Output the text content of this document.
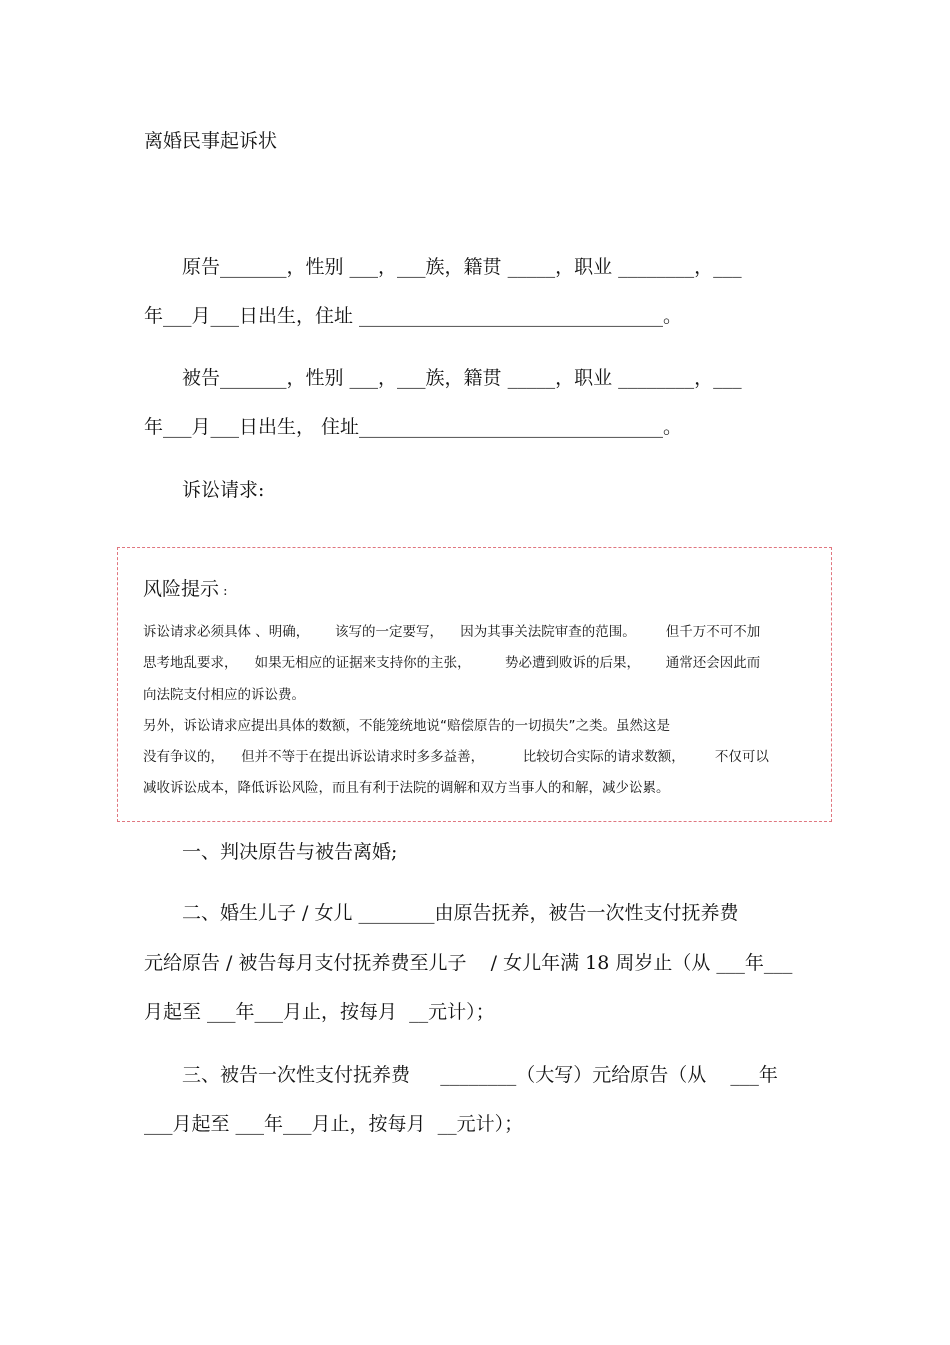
离婚民事起诉状
原告_______，性别 ___，___族，籍贯 _____，职业 ________，___
年___月___日出生，住址 ________________________________。
被告_______，性别 ___，___族，籍贯 _____，职业 ________，___
年___月___日出生， 住址________________________________。
诉讼请求:
风险提示 :
诉讼请求必须具体 、明确，      该写的一定要写，    因为其事关法院审查的范围。       但千万不可不加
思考地乱要求，    如果无相应的证据来支持你的主张，        势必遭到败诉的后果，      通常还会因此而
向法院支付相应的诉讼费。
另外，诉讼请求应提出具体的数额，不能笼统地说“赔偿原告的一切损失”之类。虽然这是
没有争议的，    但并不等于在提出诉讼请求时多多益善，         比较切合实际的请求数额，       不仅可以
减收诉讼成本，降低诉讼风险，而且有利于法院的调解和双方当事人的和解，减少讼累。
一、判决原告与被告离婚;
二、婚生儿子 / 女儿 ________由原告抚养，被告一次性支付抚养费
元给原告 / 被告每月支付抚养费至儿子    / 女儿年满 18 周岁止（从 ___年___
月起至 ___年___月止，按每月  __元计）；
三、被告一次性支付抚养费     ________（大写）元给原告（从    ___年
___月起至 ___年___月止，按每月  __元计）；
